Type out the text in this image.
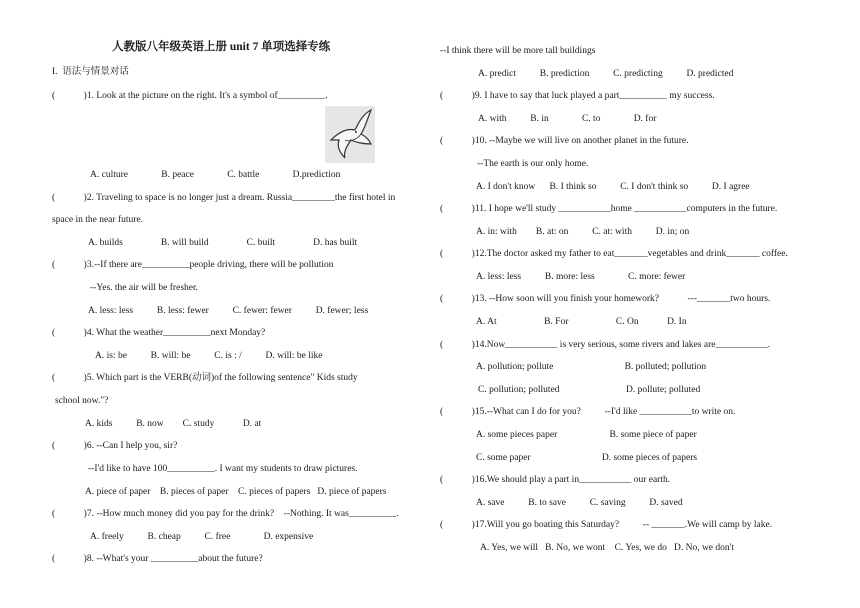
人教版八年级英语上册 unit 7 单项选择专练
I.  语法与情景对话
(            )1. Look at the picture on the right. It's a symbol of__________.
A. culture              B. peace              C. battle              D.prediction
(            )2. Traveling to space is no longer just a dream. Russia_________the first hotel in
space in the near future.
A. builds                B. will build                C. built                D. has built
(            )3.--If there are__________people driving, there will be pollution
--Yes. the air will be fresher.
A. less: less          B. less: fewer          C. fewer: fewer          D. fewer; less
(            )4. What the weather__________next Monday?
A. is: be          B. will: be          C. is : /          D. will: be like
(            )5. Which part is the VERB(动词)of the following sentence" Kids study
school now."?
A. kids          B. now        C. study            D. at
(            )6. --Can I help you, sir?
--I'd like to have 100__________. I want my students to draw pictures.
A. piece of paper    B. pieces of paper    C. pieces of papers   D. piece of papers
(            )7. --How much money did you pay for the drink?    --Nothing. It was__________.
A. freely          B. cheap          C. free              D. expensive
(            )8. --What's your __________about the future?
--I think there will be more tall buildings
A. predict          B. prediction          C. predicting          D. predicted
(            )9. I have to say that luck played a part__________ my success.
A. with          B. in              C. to              D. for
(            )10. --Maybe we will live on another planet in the future.
--The earth is our only home.
A. I don't know      B. I think so          C. I don't think so          D. I agree
(            )11. I hope we'll study ___________home ___________computers in the future.
A. in: with        B. at: on          C. at: with          D. in; on
(            )12.The doctor asked my father to eat_______vegetables and drink_______ coffee.
A. less: less          B. more: less              C. more: fewer
(            )13. --How soon will you finish your homework?            ---_______two hours.
A. At                    B. For                    C. On            D. In
(            )14.Now___________ is very serious, some rivers and lakes are___________.
A. pollution; pollute                              B. polluted; pollution
C. pollution; polluted                            D. pollute; polluted
(            )15.--What can I do for you?          --I'd like ___________to write on.
A. some pieces paper                      B. some piece of paper
C. some paper                              D. some pieces of papers
(            )16.We should play a part in___________ our earth.
A. save          B. to save          C. saving          D. saved
(            )17.Will you go boating this Saturday?          -- _______.We will camp by lake.
A. Yes, we will   B. No, we wont    C. Yes, we do   D. No, we don't
